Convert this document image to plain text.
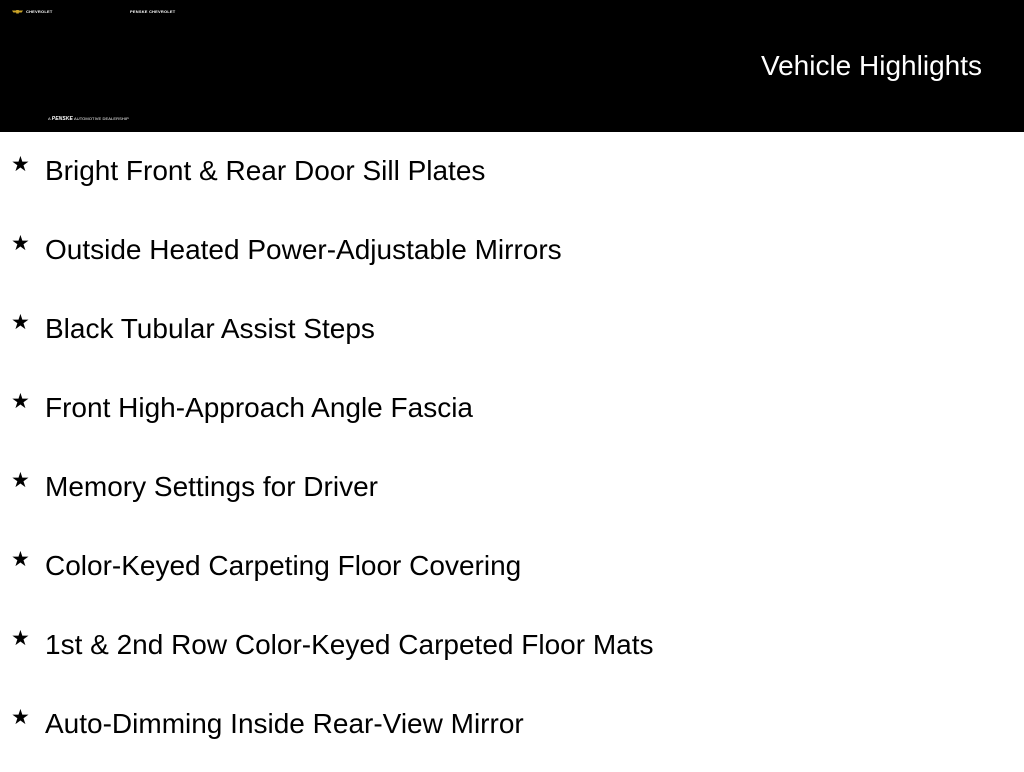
CHEVROLET	PENSKE CHEVROLET
A PENSKE AUTOMOTIVE DEALERSHIP
Vehicle Highlights
★ Bright Front & Rear Door Sill Plates
★ Outside Heated Power-Adjustable Mirrors
★ Black Tubular Assist Steps
★ Front High-Approach Angle Fascia
★ Memory Settings for Driver
★ Color-Keyed Carpeting Floor Covering
★ 1st & 2nd Row Color-Keyed Carpeted Floor Mats
★ Auto-Dimming Inside Rear-View Mirror
